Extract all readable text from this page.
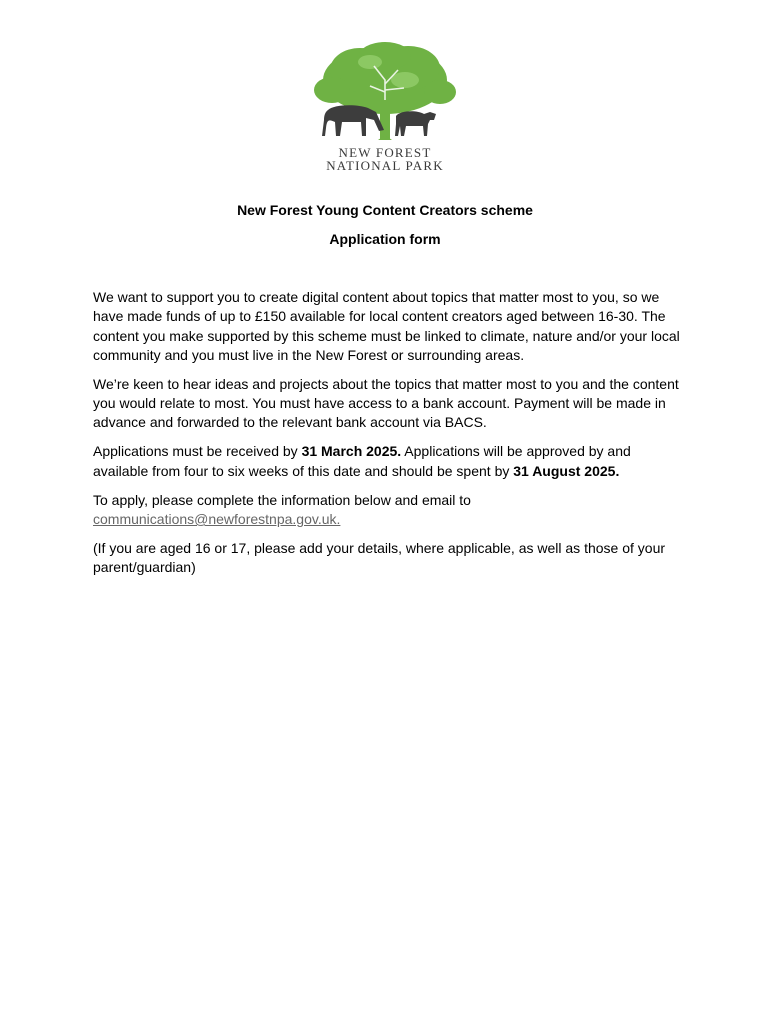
NEW FOREST
NATIONAL PARK
New Forest Young Content Creators scheme
Application form

We want to support you to create digital content about topics that matter most to you, so we have made funds of up to £150 available for local content creators aged between 16-30. The content you make supported by this scheme must be linked to climate, nature and/or your local community and you must live in the New Forest or surrounding areas.

We’re keen to hear ideas and projects about the topics that matter most to you and the content you would relate to most. You must have access to a bank account. Payment will be made in advance and forwarded to the relevant bank account via BACS.

Applications must be received by 31 March 2025. Applications will be approved by and available from four to six weeks of this date and should be spent by 31 August 2025.

To apply, please complete the information below and email to communications@newforestnpa.gov.uk.

(If you are aged 16 or 17, please add your details, where applicable, as well as those of your parent/guardian)
